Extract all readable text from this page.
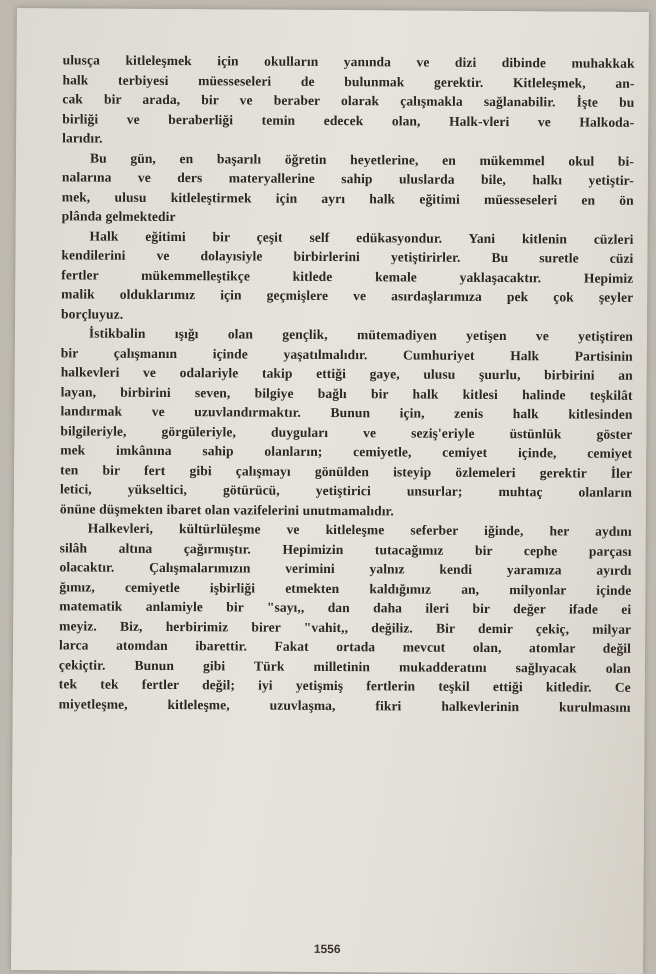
ulusça kitleleşmek için okulların yanında ve dizi dibinde muhakkak
halk terbiyesi müesseseleri de bulunmak gerektir. Kitleleşmek, an-
cak bir arada, bir ve beraber olarak çalışmakla sağlanabilir. İşte bu
birliği ve beraberliği temin edecek olan, Halk-vleri ve Halkoda-
larıdır.
Bu gün, en başarılı öğretin heyetlerine, en mükemmel okul bi-
nalarına ve ders materyallerine sahip uluslarda bile, halkı yetiştir-
mek, ulusu kitleleştirmek için ayrı halk eğitimi müesseseleri en ön
plânda gelmektedir
Halk eğitimi bir çeşit self edükasyondur. Yani kitlenin cüzleri
kendilerini ve dolayısiyle birbirlerini yetiştirirler. Bu suretle cüzi
fertler mükemmelleştikçe kitlede kemale yaklaşacaktır. Hepimiz
malik olduklarımız için geçmişlere ve asırdaşlarımıza pek çok şeyler
borçluyuz.
İstikbalin ışığı olan gençlik, mütemadiyen yetişen ve yetiştiren
bir çalışmanın içinde yaşatılmalıdır. Cumhuriyet Halk Partisinin
halkevleri ve odalariyle takip ettiği gaye, ulusu şuurlu, birbirini an
layan, birbirini seven, bilgiye bağlı bir halk kitlesi halinde teşkilât
landırmak ve uzuvlandırmaktır. Bunun için, zenis halk kitlesinden
bilgileriyle, görgüleriyle, duyguları ve seziş'eriyle üstünlük göster
mek imkânına sahip olanların; cemiyetle, cemiyet içinde, cemiyet
ten bir fert gibi çalışmayı gönülden isteyip özlemeleri gerektir İler
letici, yükseltici, götürücü, yetiştirici unsurlar; muhtaç olanların
önüne düşmekten ibaret olan vazifelerini unutmamalıdır.
Halkevleri, kültürlüleşme ve kitleleşme seferber iğinde, her aydını
silâh altına çağırmıştır. Hepimizin tutacağımız bir cephe parçası
olacaktır. Çalışmalarımızın verimini yalnız kendi yaramıza ayırdı
ğımız, cemiyetle işbirliği etmekten kaldığımız an, milyonlar içinde
matematik anlamiyle bir "sayı,, dan daha ileri bir değer ifade ei
meyiz. Biz, herbirimiz birer "vahit,, değiliz. Bir demir çekiç, milyar
larca atomdan ibarettir. Fakat ortada mevcut olan, atomlar değil
çekiçtir. Bunun gibi Türk milletinin mukadderatını sağlıyacak olan
tek tek fertler değil; iyi yetişmiş fertlerin teşkil ettiği kitledir. Ce
miyetleşme, kitleleşme, uzuvlaşma, fikri halkevlerinin kurulmasını
1556
